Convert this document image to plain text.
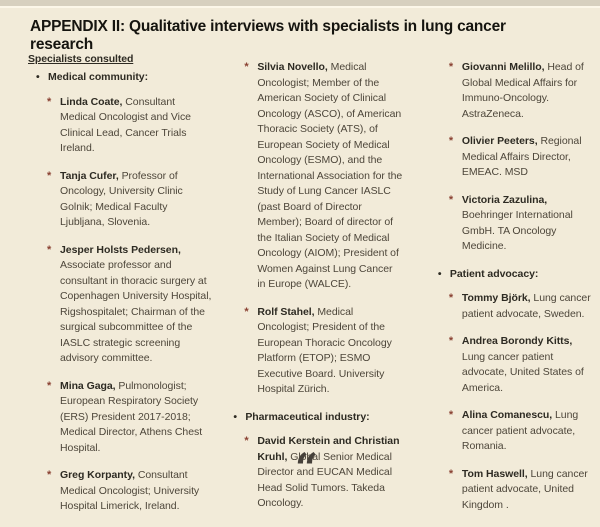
APPENDIX II: Qualitative interviews with specialists in lung cancer research
Specialists consulted
• Medical community:
* Linda Coate, Consultant Medical Oncologist and Vice Clinical Lead, Cancer Trials Ireland.
* Tanja Cufer, Professor of Oncology, University Clinic Golnik; Medical Faculty Ljubljana, Slovenia.
* Jesper Holsts Pedersen, Associate professor and consultant in thoracic surgery at Copenhagen University Hospital, Rigshospitalet; Chairman of the surgical subcommittee of the IASLC strategic screening advisory committee.
* Mina Gaga, Pulmonologist; European Respiratory Society (ERS) President 2017-2018; Medical Director, Athens Chest Hospital.
* Greg Korpanty, Consultant Medical Oncologist; University Hospital Limerick, Ireland.
* Silvia Novello, Medical Oncologist; Member of the American Society of Clinical Oncology (ASCO), of American Thoracic Society (ATS), of European Society of Medical Oncology (ESMO), and the International Association for the Study of Lung Cancer IASLC (past Board of Director Member); Board of director of the Italian Society of Medical Oncology (AIOM); President of Women Against Lung Cancer in Europe (WALCE).
* Rolf Stahel, Medical Oncologist; President of the European Thoracic Oncology Platform (ETOP); ESMO Executive Board. University Hospital Zürich.
• Pharmaceutical industry:
* David Kerstein and Christian Kruhl, Global Senior Medical Director and EUCAN Medical Head Solid Tumors. Takeda Oncology.
* Giovanni Melillo, Head of Global Medical Affairs for Immuno-Oncology. AstraZeneca.
* Olivier Peeters, Regional Medical Affairs Director, EMEAC. MSD
* Victoria Zazulina, Boehringer International GmbH. TA Oncology Medicine.
• Patient advocacy:
* Tommy Björk, Lung cancer patient advocate, Sweden.
* Andrea Borondy Kitts, Lung cancer patient advocate, United States of America.
* Alina Comanescu, Lung cancer patient advocate, Romania.
* Tom Haswell, Lung cancer patient advocate, United Kingdom .
“
